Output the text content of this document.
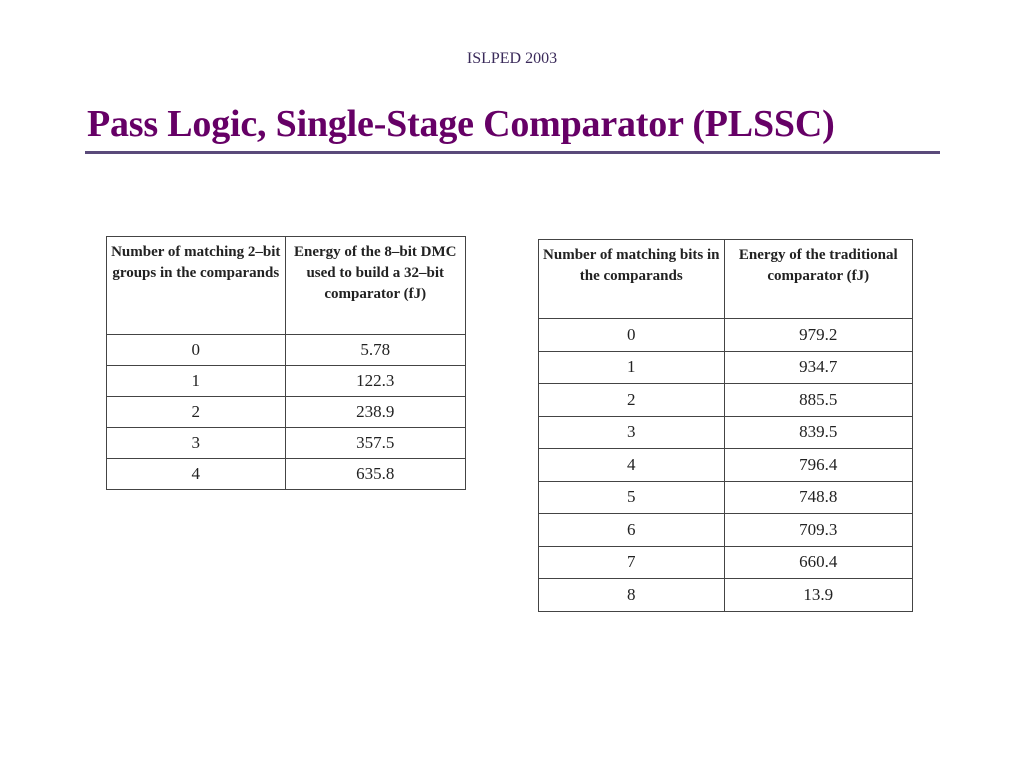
ISLPED 2003
Pass Logic, Single-Stage Comparator (PLSSC)
Number of matching 2–bit groups in the comparands	Energy of the 8–bit DMC used to build a 32–bit comparator (fJ)
0	5.78
1	122.3
2	238.9
3	357.5
4	635.8
Number of matching bits in the comparands	Energy of the traditional comparator (fJ)
0	979.2
1	934.7
2	885.5
3	839.5
4	796.4
5	748.8
6	709.3
7	660.4
8	13.9
